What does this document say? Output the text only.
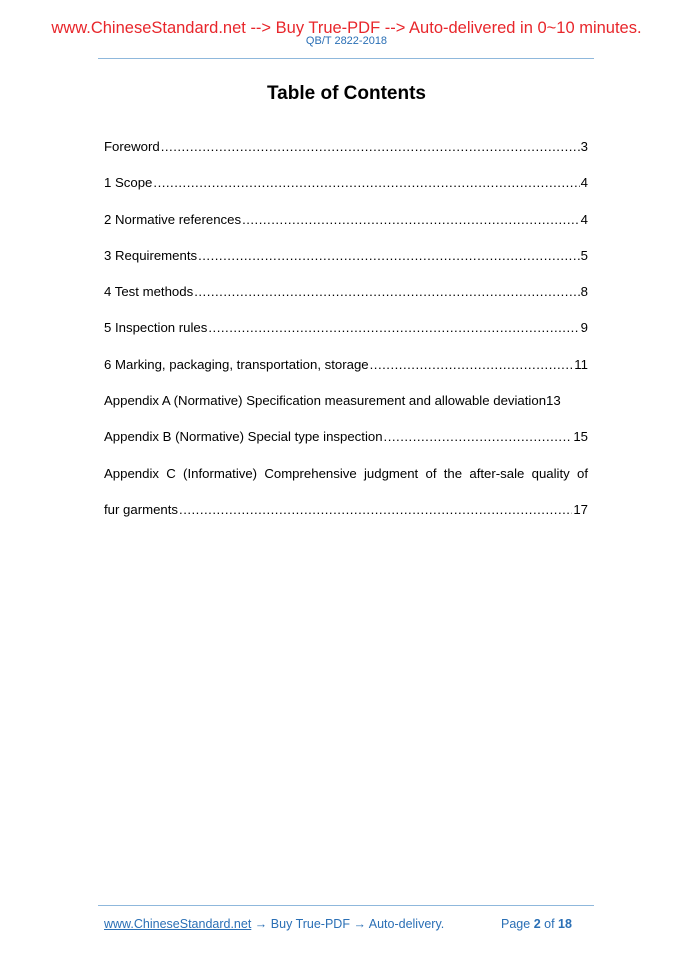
www.ChineseStandard.net --> Buy True-PDF --> Auto-delivered in 0~10 minutes.
QB/T 2822-2018
Table of Contents
Foreword .....	3
1 Scope .....	4
2 Normative references .....	4
3 Requirements .....	5
4 Test methods .....	8
5 Inspection rules .....	9
6 Marking, packaging, transportation, storage .....	11
Appendix A (Normative) Specification measurement and allowable deviation 13
Appendix B (Normative) Special type inspection .....	15
Appendix C (Informative) Comprehensive judgment of the after-sale quality of
fur garments .....	17
www.ChineseStandard.net → Buy True-PDF → Auto-delivery.	Page 2 of 18
